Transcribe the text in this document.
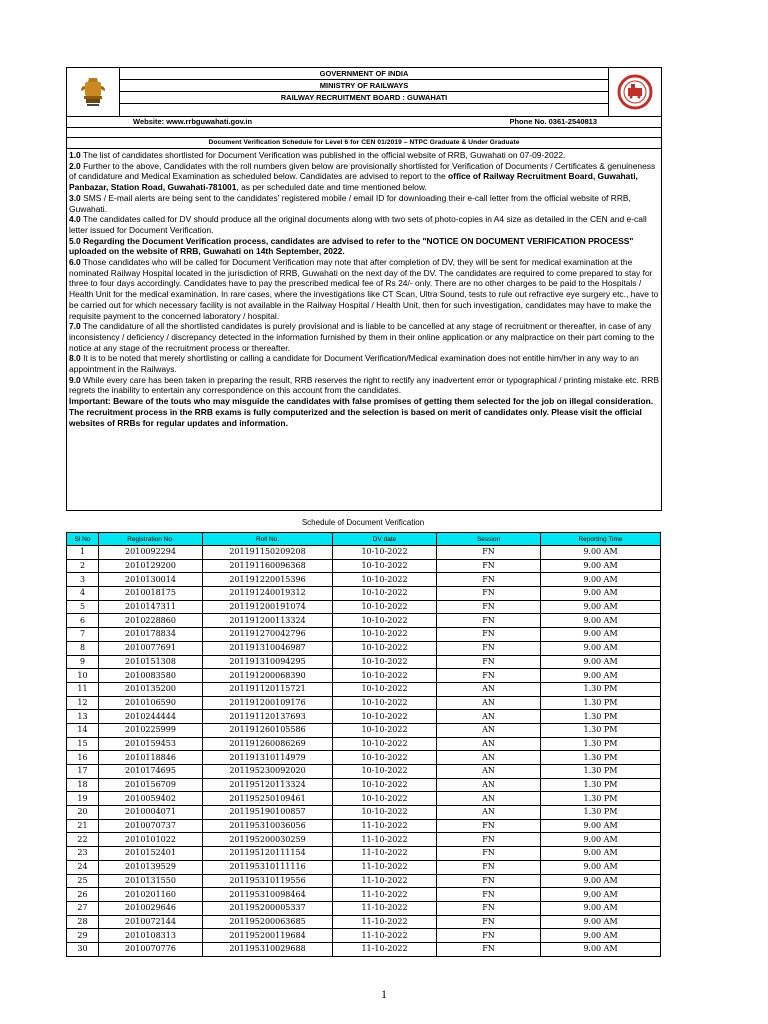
GOVERNMENT OF INDIA
MINISTRY OF RAILWAYS
RAILWAY RECRUITMENT BOARD : GUWAHATI
Website: www.rrbguwahati.gov.in	Phone No. 0361-2540813
Document Verification Schedule for Level 6 for CEN 01/2019 – NTPC Graduate & Under Graduate

1.0 The list of candidates shortlisted for Document Verification was published in the official website of RRB, Guwahati on 07-09-2022.

2.0 Further to the above, Candidates with the roll numbers given below are provisionally shortlisted for Verification of Documents / Certificates & genuineness of candidature and Medical Examination as scheduled below. Candidates are advised to report to the office of Railway Recruitment Board, Guwahati, Panbazar, Station Road, Guwahati-781001, as per scheduled date and time mentioned below.

3.0 SMS / E-mail alerts are being sent to the candidates' registered mobile / email ID for downloading their e-call letter from the official website of RRB, Guwahati.

4.0 The candidates called for DV should produce all the original documents along with two sets of photo-copies in A4 size as detailed in the CEN and e-call letter issued for Document Verification.

5.0 Regarding the Document Verification process, candidates are advised to refer to the "NOTICE ON DOCUMENT VERIFICATION PROCESS" uploaded on the website of RRB, Guwahati on 14th September, 2022.

6.0 Those candidates who will be called for Document Verification may note that after completion of DV, they will be sent for medical examination at the nominated Railway Hospital located in the jurisdiction of RRB, Guwahati on the next day of the DV. The candidates are required to come prepared to stay for three to four days accordingly. Candidates have to pay the prescribed medical fee of Rs 24/- only. There are no other charges to be paid to the Hospitals / Health Unit for the medical examination. In rare cases, where the investigations like CT Scan, Ultra Sound, tests to rule out refractive eye surgery etc., have to be carried out for which necessary facility is not available in the Railway Hospital / Health Unit, then for such investigation, candidates may have to make the requisite payment to the concerned laboratory / hospital.

7.0 The candidature of all the shortlisted candidates is purely provisional and is liable to be cancelled at any stage of recruitment or thereafter, in case of any inconsistency / deficiency / discrepancy detected in the information furnished by them in their online application or any malpractice on their part coming to the notice at any stage of the recruitment process or thereafter.

8.0 It is to be noted that merely shortlisting or calling a candidate for Document Verification/Medical examination does not entitle him/her in any way to an appointment in the Railways.

9.0 While every care has been taken in preparing the result, RRB reserves the right to rectify any inadvertent error or typographical / printing mistake etc. RRB regrets the inability to entertain any correspondence on this account from the candidates.

Important: Beware of the touts who may misguide the candidates with false promises of getting them selected for the job on illegal consideration. The recruitment process in the RRB exams is fully computerized and the selection is based on merit of candidates only. Please visit the official websites of RRBs for regular updates and information.

Schedule of Document Verification
Sl No	Registration No.	Roll No.	DV date	Session	Reporting Time
1	2010092294	201191150209208	10-10-2022	FN	9.00 AM
2	2010129200	201191160096368	10-10-2022	FN	9.00 AM
3	2010130014	201191220015396	10-10-2022	FN	9.00 AM
4	2010018175	201191240019312	10-10-2022	FN	9.00 AM
5	2010147311	201191200191074	10-10-2022	FN	9.00 AM
6	2010228860	201191200113324	10-10-2022	FN	9.00 AM
7	2010178834	201191270042796	10-10-2022	FN	9.00 AM
8	2010077691	201191310046987	10-10-2022	FN	9.00 AM
9	2010151308	201191310094295	10-10-2022	FN	9.00 AM
10	2010083580	201191200068390	10-10-2022	FN	9.00 AM
11	2010135200	201191120115721	10-10-2022	AN	1.30 PM
12	2010106590	201191200109176	10-10-2022	AN	1.30 PM
13	2010244444	201191120137693	10-10-2022	AN	1.30 PM
14	2010225999	201191260105586	10-10-2022	AN	1.30 PM
15	2010159453	201191260086269	10-10-2022	AN	1.30 PM
16	2010118846	201191310114979	10-10-2022	AN	1.30 PM
17	2010174695	201195230092020	10-10-2022	AN	1.30 PM
18	2010156709	201195120113324	10-10-2022	AN	1.30 PM
19	2010059402	201195250109461	10-10-2022	AN	1.30 PM
20	2010004071	201195190100857	10-10-2022	AN	1.30 PM
21	2010070737	201195310036056	11-10-2022	FN	9.00 AM
22	2010101022	201195200030259	11-10-2022	FN	9.00 AM
23	2010152401	201195120111154	11-10-2022	FN	9.00 AM
24	2010139529	201195310111116	11-10-2022	FN	9.00 AM
25	2010131550	201195310119556	11-10-2022	FN	9.00 AM
26	2010201160	201195310098464	11-10-2022	FN	9.00 AM
27	2010029646	201195200005337	11-10-2022	FN	9.00 AM
28	2010072144	201195200063685	11-10-2022	FN	9.00 AM
29	2010108313	201195200119684	11-10-2022	FN	9.00 AM
30	2010070776	201195310029688	11-10-2022	FN	9.00 AM
1
